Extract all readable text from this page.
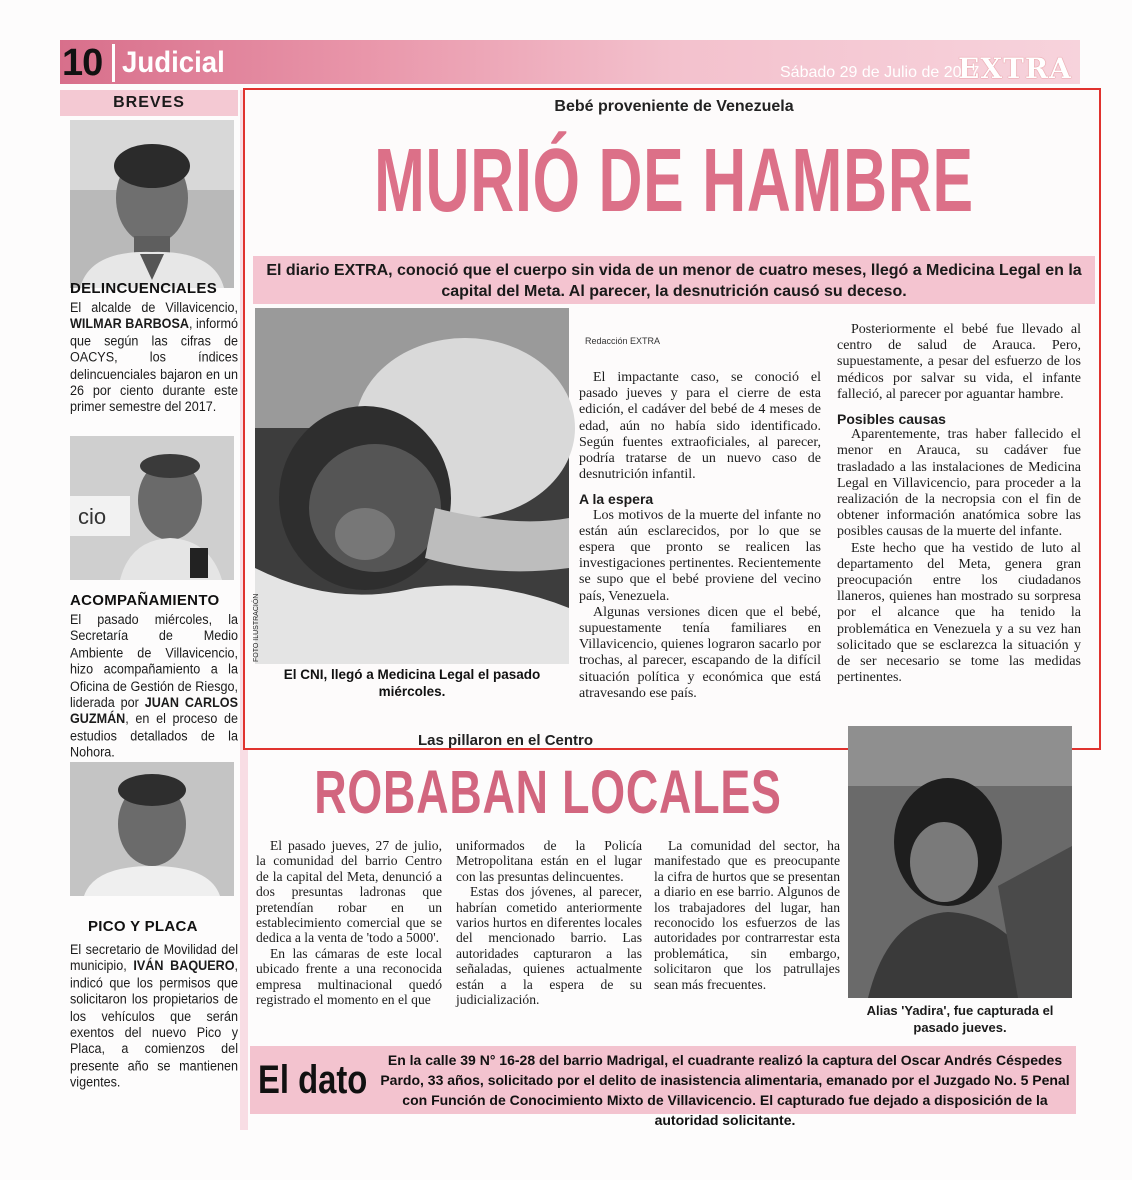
10 Judicial	Sábado 29 de Julio de 2017
EXTRA
BREVES
DELINCUENCIALES
El alcalde de Villavicencio, WILMAR BARBOSA, informó que según las cifras de OACYS, los índices delincuenciales bajaron en un 26 por ciento durante este primer semestre del 2017.
cio
ACOMPAÑAMIENTO
El pasado miércoles, la Secretaría de Medio Ambiente de Villavicencio, hizo acompañamiento a la Oficina de Gestión de Riesgo, liderada por JUAN CARLOS GUZMÁN, en el proceso de estudios detallados de la Nohora.
PICO Y PLACA
El secretario de Movilidad del municipio, IVÁN BAQUERO, indicó que los permisos que solicitaron los propietarios de los vehículos que serán exentos del nuevo Pico y Placa, a comienzos del presente año se mantienen vigentes.
Bebé proveniente de Venezuela
MURIÓ DE HAMBRE
El diario EXTRA, conoció que el cuerpo sin vida de un menor de cuatro meses, llegó a Medicina Legal en la capital del Meta. Al parecer, la desnutrición causó su deceso.
FOTO ILUSTRACIÓN
El CNI, llegó a Medicina Legal el pasado miércoles.
Redacción EXTRA

El impactante caso, se conoció el pasado jueves y para el cierre de esta edición, el cadáver del bebé de 4 meses de edad, aún no había sido identificado. Según fuentes extraoficiales, al parecer, podría tratarse de un nuevo caso de desnutrición infantil.

A la espera

Los motivos de la muerte del infante no están aún esclarecidos, por lo que se espera que pronto se realicen las investigaciones pertinentes. Recientemente se supo que el bebé proviene del vecino país, Venezuela.

Algunas versiones dicen que el bebé, supuestamente tenía familiares en Villavicencio, quienes lograron sacarlo por trochas, al parecer, escapando de la difícil situación política y económica que está atravesando ese país.

Posteriormente el bebé fue llevado al centro de salud de Arauca. Pero, supuestamente, a pesar del esfuerzo de los médicos por salvar su vida, el infante falleció, al parecer por aguantar hambre.

Posibles causas

Aparentemente, tras haber fallecido el menor en Arauca, su cadáver fue trasladado a las instalaciones de Medicina Legal en Villavicencio, para proceder a la realización de la necropsia con el fin de obtener información anatómica sobre las posibles causas de la muerte del infante.

Este hecho que ha vestido de luto al departamento del Meta, genera gran preocupación entre los ciudadanos llaneros, quienes han mostrado su sorpresa por el alcance que ha tenido la problemática en Venezuela y a su vez han solicitado que se esclarezca la situación y de ser necesario se tome las medidas pertinentes.

Las pillaron en el Centro
ROBABAN LOCALES

El pasado jueves, 27 de julio, la comunidad del barrio Centro de la capital del Meta, denunció a dos presuntas ladronas que pretendían robar en un establecimiento comercial que se dedica a la venta de 'todo a 5000'.

En las cámaras de este local ubicado frente a una reconocida empresa multinacional quedó registrado el momento en el que

uniformados de la Policía Metropolitana están en el lugar con las presuntas delincuentes.

Estas dos jóvenes, al parecer, habrían cometido anteriormente varios hurtos en diferentes locales del mencionado barrio. Las autoridades capturaron a las señaladas, quienes actualmente están a la espera de su judicialización.

La comunidad del sector, ha manifestado que es preocupante la cifra de hurtos que se presentan a diario en ese barrio. Algunos de los trabajadores del lugar, han reconocido los esfuerzos de las autoridades por contrarrestar esta problemática, sin embargo, solicitaron que los patrullajes sean más frecuentes.

Alias 'Yadira', fue capturada el pasado jueves.
El dato	En la calle 39 N° 16-28 del barrio Madrigal, el cuadrante realizó la captura del Oscar Andrés Céspedes Pardo, 33 años, solicitado por el delito de inasistencia alimentaria, emanado por el Juzgado No. 5 Penal con Función de Conocimiento Mixto de Villavicencio. El capturado fue dejado a disposición de la autoridad solicitante.
